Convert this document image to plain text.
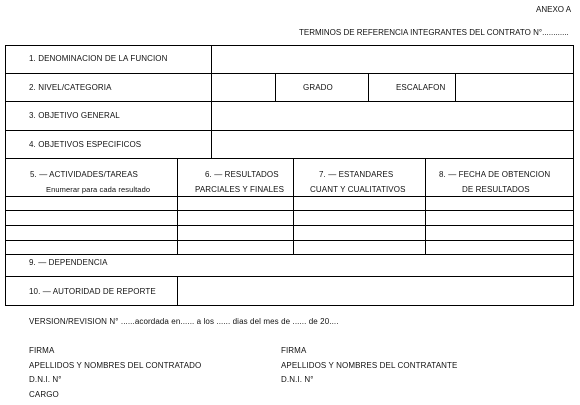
ANEXO A
TERMINOS DE REFERENCIA INTEGRANTES DEL CONTRATO N°............
1. DENOMINACION DE LA FUNCION
2. NIVEL/CATEGORIA	GRADO	ESCALAFON
3. OBJETIVO GENERAL
4. OBJETIVOS ESPECIFICOS
5. — ACTIVIDADES/TAREAS
Enumerar para cada resultado
6. — RESULTADOS
PARCIALES Y FINALES
7. — ESTANDARES
CUANT Y CUALITATIVOS
8. — FECHA DE OBTENCION
DE RESULTADOS
9. — DEPENDENCIA
10. — AUTORIDAD DE REPORTE
VERSION/REVISION N° ......acordada en...... a los ...... dias del mes de ...... de 20....
FIRMA
APELLIDOS Y NOMBRES DEL CONTRATADO
D.N.I. N°
CARGO
FIRMA
APELLIDOS Y NOMBRES DEL CONTRATANTE
D.N.I. N°
